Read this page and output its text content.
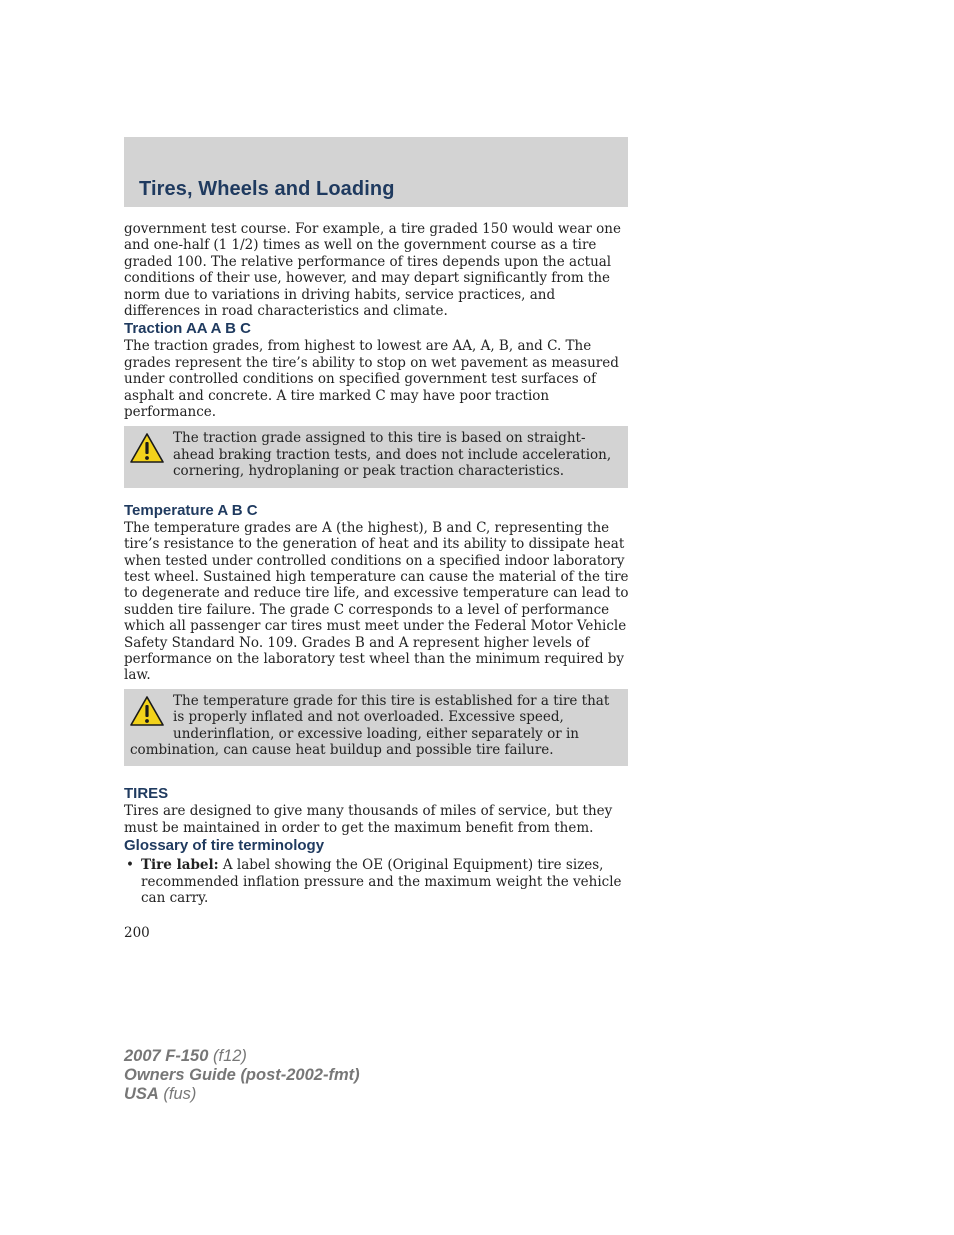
Tires, Wheels and Loading

government test course. For example, a tire graded 150 would wear one and one-half (1 1/2) times as well on the government course as a tire graded 100. The relative performance of tires depends upon the actual conditions of their use, however, and may depart significantly from the norm due to variations in driving habits, service practices, and differences in road characteristics and climate.

Traction AA A B C

The traction grades, from highest to lowest are AA, A, B, and C. The grades represent the tire’s ability to stop on wet pavement as measured under controlled conditions on specified government test surfaces of asphalt and concrete. A tire marked C may have poor traction performance.

The traction grade assigned to this tire is based on straight-ahead braking traction tests, and does not include acceleration, cornering, hydroplaning or peak traction characteristics.
Temperature A B C

The temperature grades are A (the highest), B and C, representing the tire’s resistance to the generation of heat and its ability to dissipate heat when tested under controlled conditions on a specified indoor laboratory test wheel. Sustained high temperature can cause the material of the tire to degenerate and reduce tire life, and excessive temperature can lead to sudden tire failure. The grade C corresponds to a level of performance which all passenger car tires must meet under the Federal Motor Vehicle Safety Standard No. 109. Grades B and A represent higher levels of performance on the laboratory test wheel than the minimum required by law.

The temperature grade for this tire is established for a tire that is properly inflated and not overloaded. Excessive speed, underinflation, or excessive loading, either separately or in combination, can cause heat buildup and possible tire failure.
TIRES

Tires are designed to give many thousands of miles of service, but they must be maintained in order to get the maximum benefit from them.

Glossary of tire terminology
• Tire label: A label showing the OE (Original Equipment) tire sizes, recommended inflation pressure and the maximum weight the vehicle can carry.
200
2007 F-150 (f12)
Owners Guide (post-2002-fmt)
USA (fus)
